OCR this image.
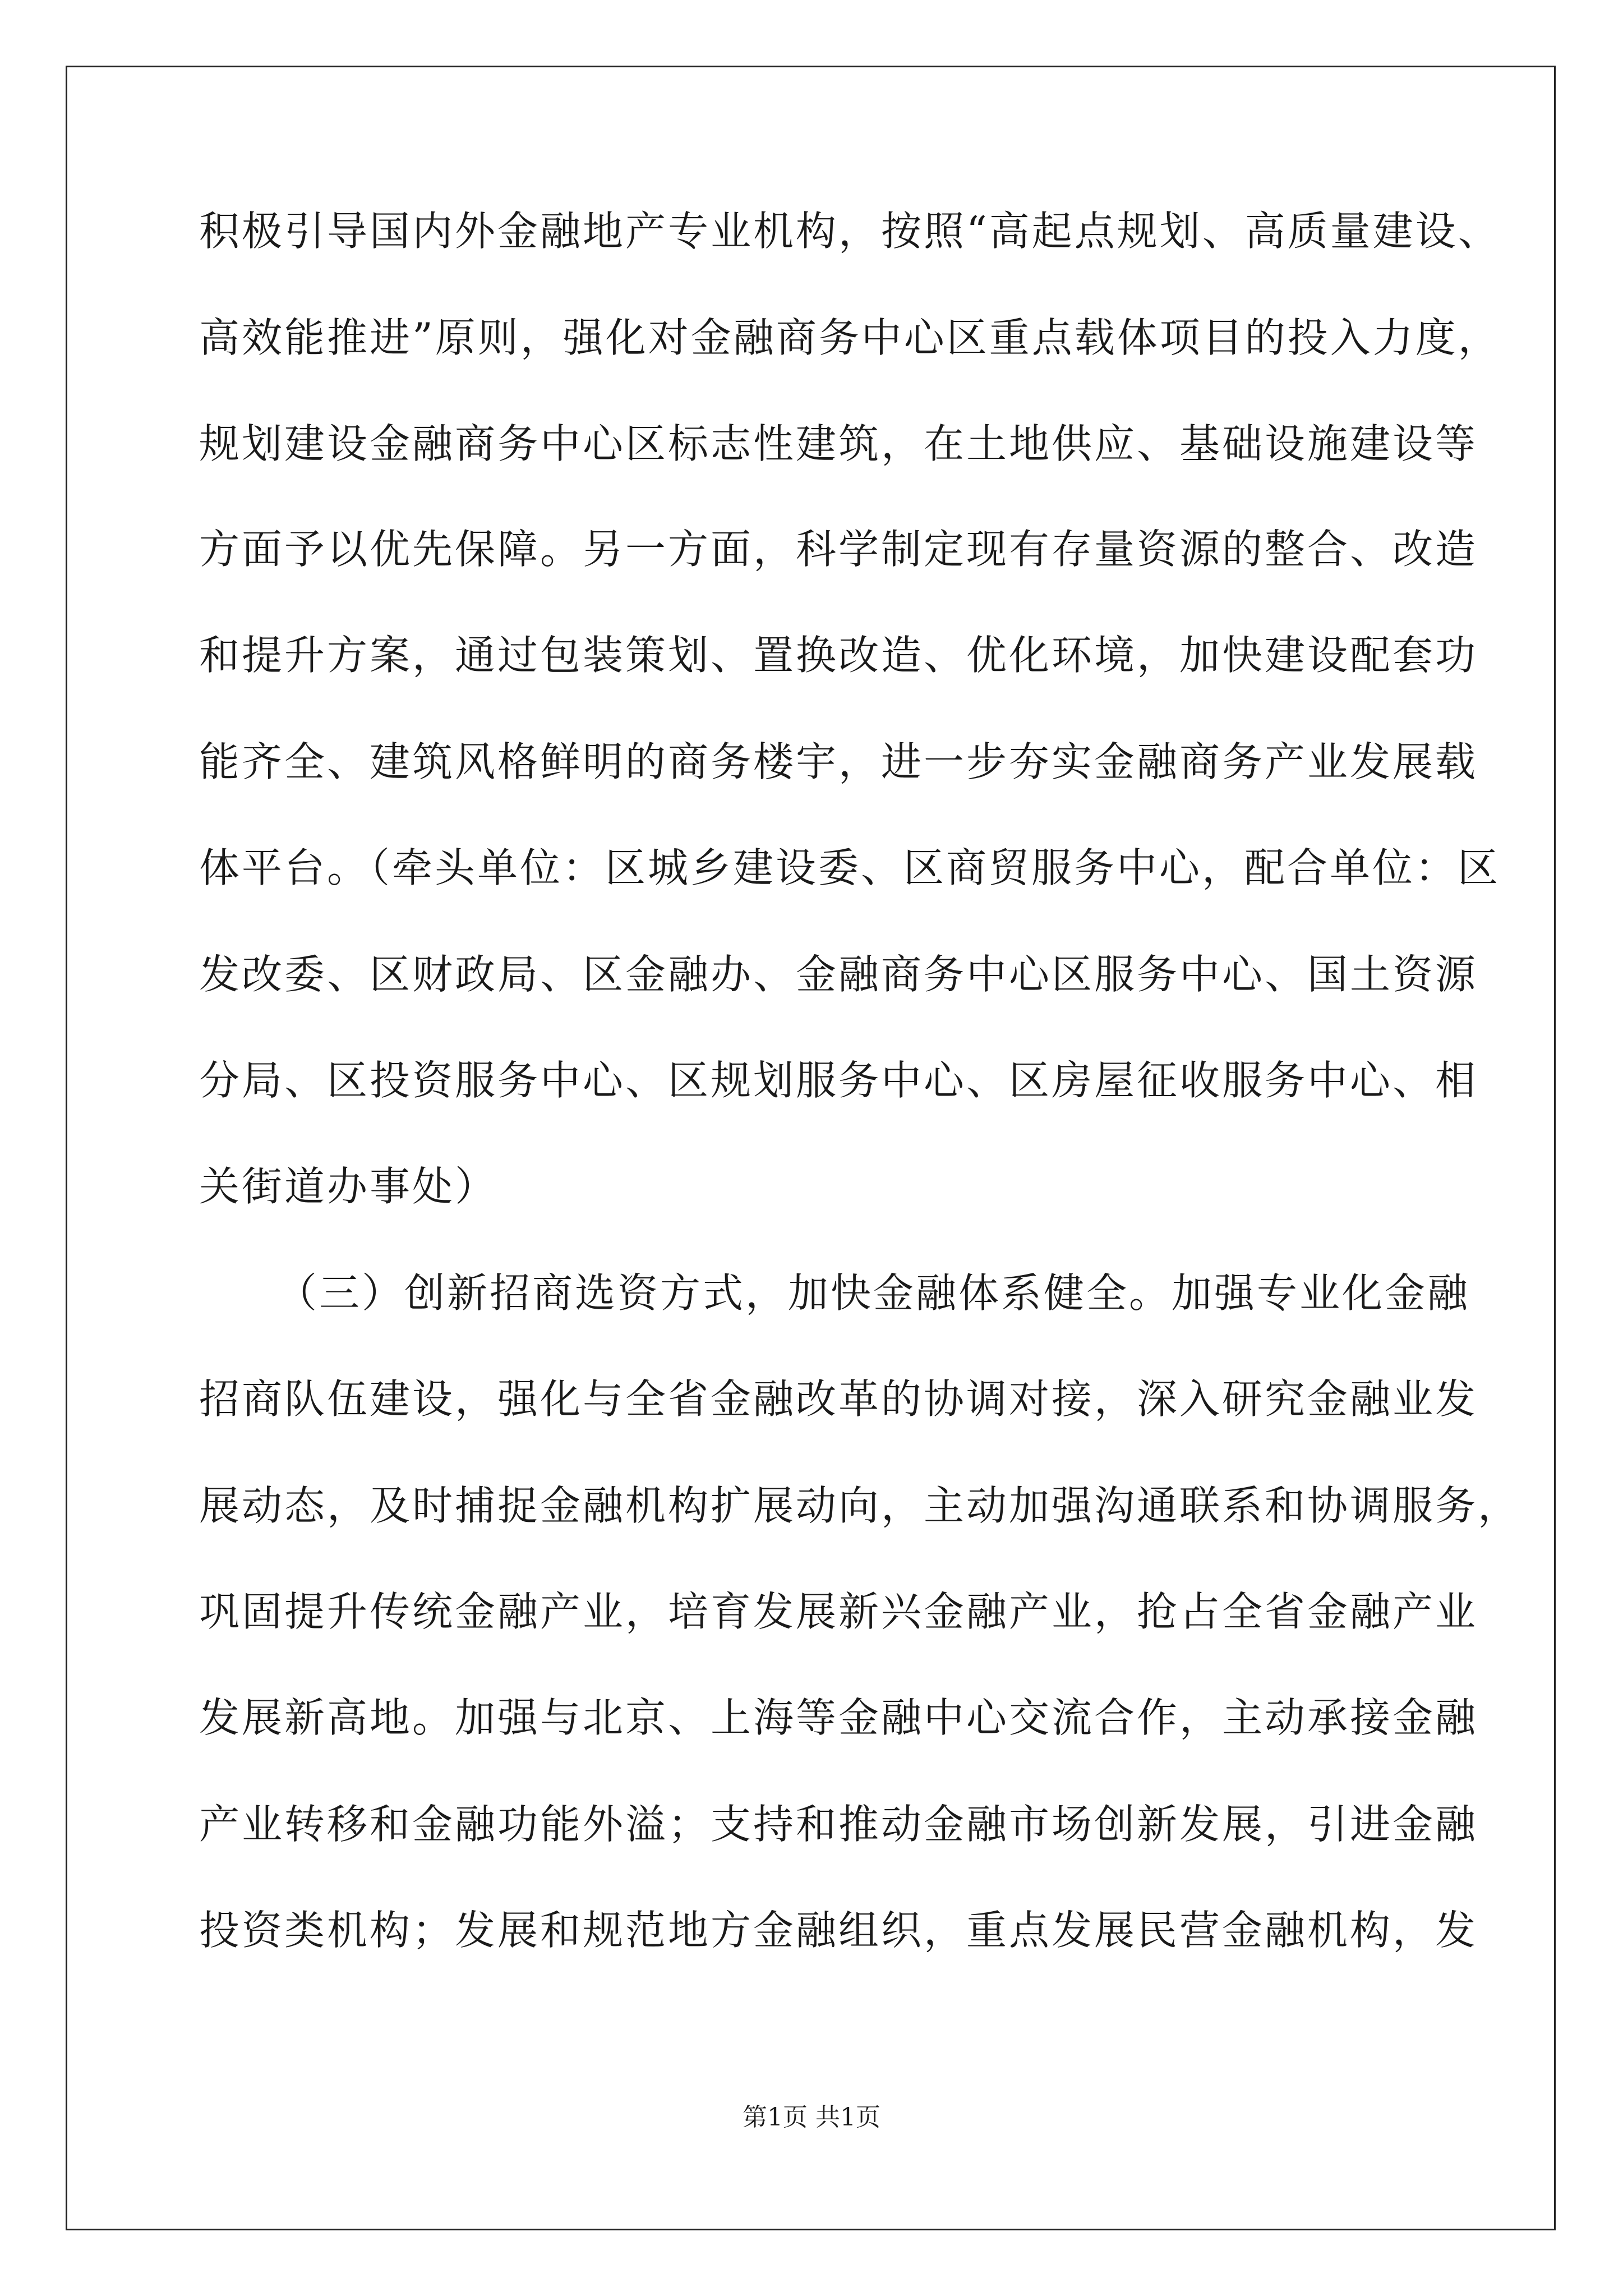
积极引导国内外金融地产专业机构，按照“高起点规划、高质量建设、
高效能推进”原则，强化对金融商务中心区重点载体项目的投入力度，
规划建设金融商务中心区标志性建筑，在土地供应、基础设施建设等
方面予以优先保障。另一方面，科学制定现有存量资源的整合、改造
和提升方案，通过包装策划、置换改造、优化环境，加快建设配套功
能齐全、建筑风格鲜明的商务楼宇，进一步夯实金融商务产业发展载
体平台。（牵头单位：区城乡建设委、区商贸服务中心，配合单位：区
发改委、区财政局、区金融办、金融商务中心区服务中心、国土资源
分局、区投资服务中心、区规划服务中心、区房屋征收服务中心、相
关街道办事处）
（三）创新招商选资方式，加快金融体系健全。加强专业化金融
招商队伍建设，强化与全省金融改革的协调对接，深入研究金融业发
展动态，及时捕捉金融机构扩展动向，主动加强沟通联系和协调服务，
巩固提升传统金融产业，培育发展新兴金融产业，抢占全省金融产业
发展新高地。加强与北京、上海等金融中心交流合作，主动承接金融
产业转移和金融功能外溢；支持和推动金融市场创新发展，引进金融
投资类机构；发展和规范地方金融组织，重点发展民营金融机构，发
第1页 共1页
